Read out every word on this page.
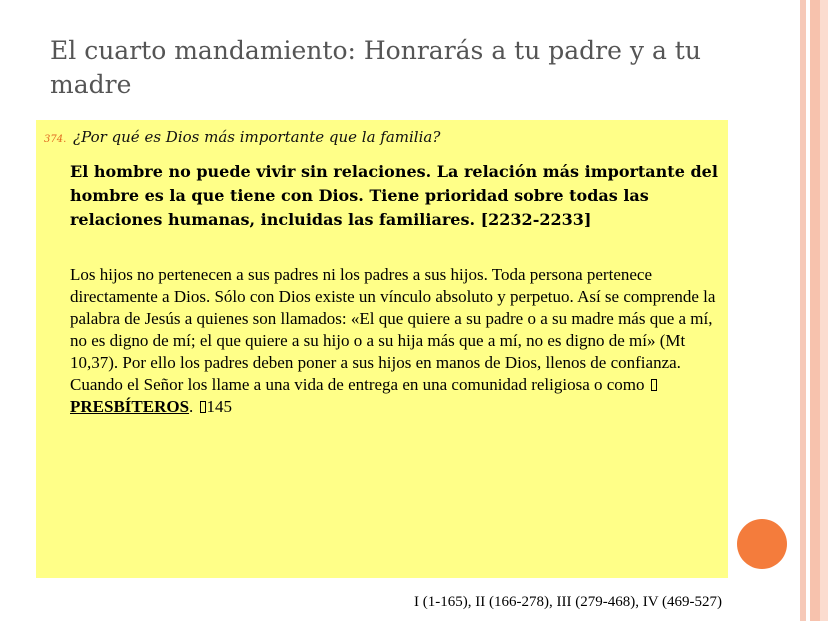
El cuarto mandamiento: Honrarás a tu padre y a tu madre
374. ¿Por qué es Dios más importante que la familia?

El hombre no puede vivir sin relaciones. La relación más importante del hombre es la que tiene con Dios. Tiene prioridad sobre todas las relaciones humanas, incluidas las familiares. [2232-2233]

Los hijos no pertenecen a sus padres ni los padres a sus hijos. Toda persona pertenece directamente a Dios. Sólo con Dios existe un vínculo absoluto y perpetuo. Así se comprende la palabra de Jesús a quienes son llamados: «El que quiere a su padre o a su madre más que a mí, no es digno de mí; el que quiere a su hijo o a su hija más que a mí, no es digno de mí» (Mt 10,37). Por ello los padres deben poner a sus hijos en manos de Dios, llenos de confianza. Cuando el Señor los llame a una vida de entrega en una comunidad religiosa o como PRESBÍTEROS. 145

I (1-165), II (166-278), III (279-468), IV (469-527)
